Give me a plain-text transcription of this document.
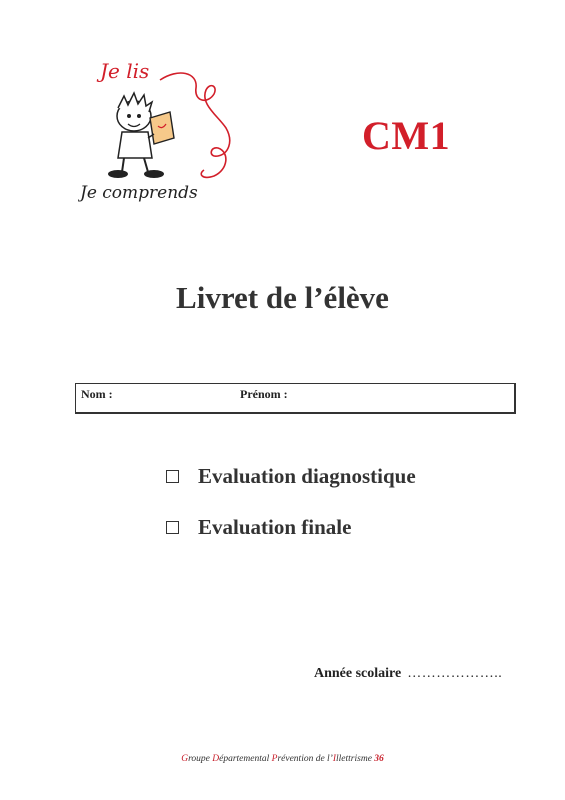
Je lis
Je comprends
CM1
Livret de l’élève
Nom :	Prénom :
Evaluation diagnostique
Evaluation finale
Année scolaire ………………..
Groupe Départemental Prévention de l’Illettrisme 36
